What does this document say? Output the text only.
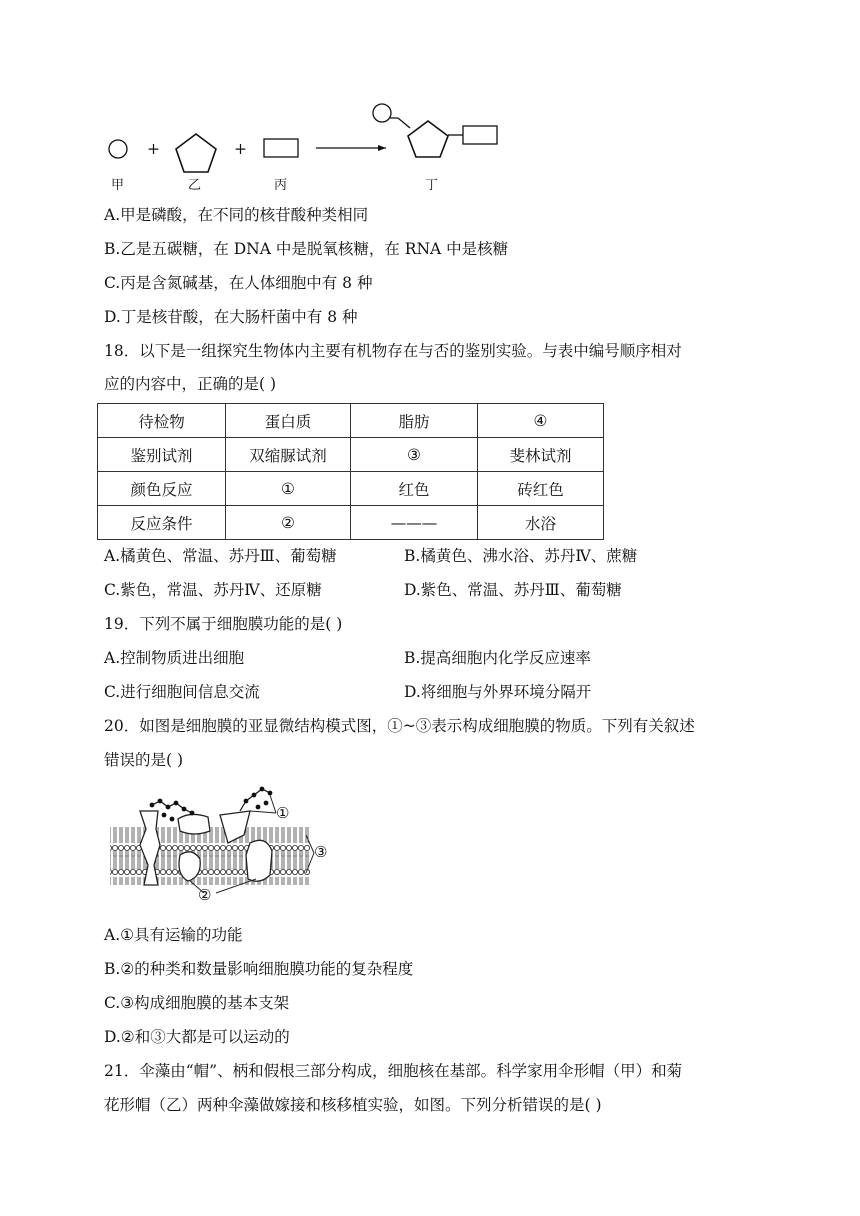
+	+
甲	乙	丙	丁
A.甲是磷酸，在不同的核苷酸种类相同
B.乙是五碳糖，在 DNA 中是脱氧核糖，在 RNA 中是核糖
C.丙是含氮碱基，在人体细胞中有 8 种
D.丁是核苷酸，在大肠杆菌中有 8 种
18．以下是一组探究生物体内主要有机物存在与否的鉴别实验。与表中编号顺序相对
应的内容中，正确的是( )
待检物	蛋白质	脂肪	④
鉴别试剂	双缩脲试剂	③	斐林试剂
颜色反应	①	红色	砖红色
反应条件	②	———	水浴
A.橘黄色、常温、苏丹Ⅲ、葡萄糖	B.橘黄色、沸水浴、苏丹Ⅳ、蔗糖
C.紫色，常温、苏丹Ⅳ、还原糖	D.紫色、常温、苏丹Ⅲ、葡萄糖
19．下列不属于细胞膜功能的是( )
A.控制物质进出细胞	B.提高细胞内化学反应速率
C.进行细胞间信息交流	D.将细胞与外界环境分隔开
20．如图是细胞膜的亚显微结构模式图，①~③表示构成细胞膜的物质。下列有关叙述
错误的是( )
①
②
③
A.①具有运输的功能
B.②的种类和数量影响细胞膜功能的复杂程度
C.③构成细胞膜的基本支架
D.②和③大都是可以运动的
21．伞藻由“帽”、柄和假根三部分构成，细胞核在基部。科学家用伞形帽（甲）和菊
花形帽（乙）两种伞藻做嫁接和核移植实验，如图。下列分析错误的是( )
